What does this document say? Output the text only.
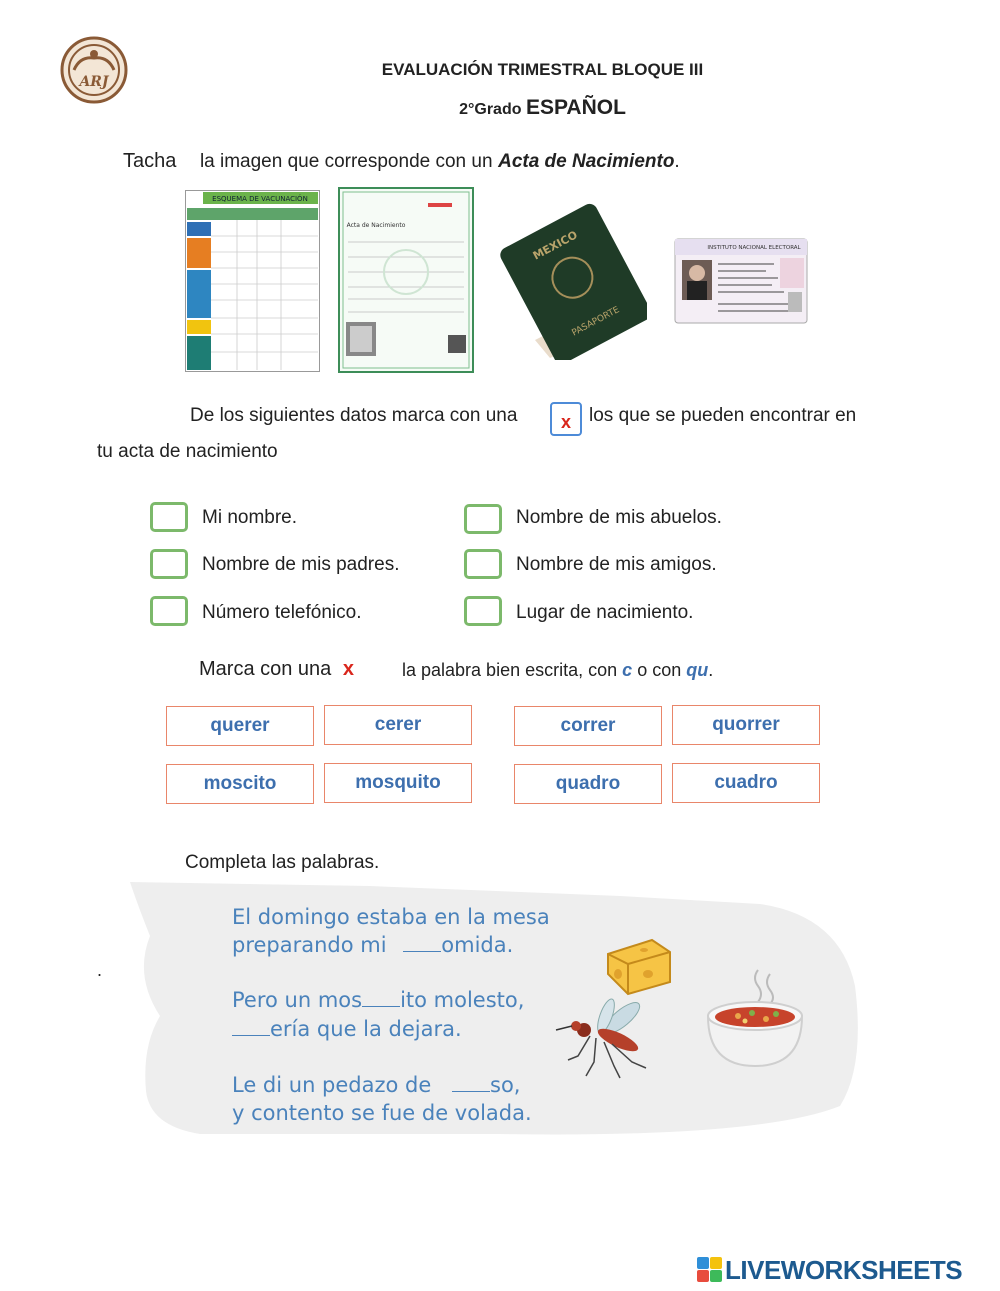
ARJ
EVALUACIÓN TRIMESTRAL BLOQUE III
2°Grado ESPAÑOL
Tacha la imagen que corresponde con un Acta de Nacimiento.
ESQUEMA DE VACUNACIÓN
Acta de Nacimiento
MEXICO
PASAPORTE
INSTITUTO NACIONAL ELECTORAL
De los siguientes datos marca con una	x los que se pueden encontrar en
tu acta de nacimiento
Mi nombre.
Nombre de mis padres.
Número telefónico.
Nombre de mis abuelos.
Nombre de mis amigos.
Lugar de nacimiento.
Marca con una x	la palabra bien escrita, con c o con qu.
querer	cerer	correr	quorrer
moscito	mosquito	quadro	cuadro
Completa las palabras.
.
El domingo estaba en la mesa
preparando mi	omida.
Pero un mos ito molesto,
ería que la dejara.
Le di un pedazo de	so,
y contento se fue de volada.
LIVEWORKSHEETS
